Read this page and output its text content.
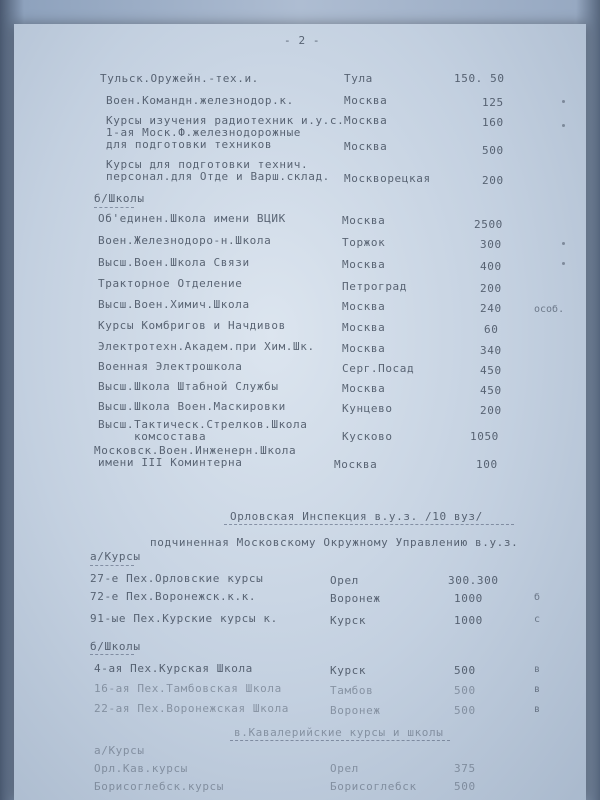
- 2 -
Тульск.Оружейн.-тех.и.	Тула	150. 50
Воен.Командн.железнодор.к.	Москва	125
Курсы изучения радиотехник и.у.с. Москва	160
1-ая Моск.Ф.железнодорожные
для подготовки техников	Москва	500
Курсы для подготовки технич.
персонал.для Отде и Варш.склад. Москворецкая	200
б/Школы
Об'единен.Школа имени ВЦИК	Москва	2500
Воен.Железнодоро-н.Школа	Торжок	300
Высш.Воен.Школа Связи	Москва	400
Тракторное Отделение	Петроград	200
Высш.Воен.Химич.Школа	Москва	240	особ.
Курсы Комбригов и Начдивов	Москва	60
Электротехн.Академ.при Хим.Шк. Москва	340
Военная Электрошкола	Серг.Посад	450
Высш.Школа Штабной Службы	Москва	450
Высш.Школа Воен.Маскировки	Кунцево	200
Высш.Тактическ.Стрелков.Школа
комсостава	Кусково	1050
Московск.Воен.Инженерн.Школа
имени III Коминтерна	Москва	100
Орловская Инспекция в.у.з. /10 вуз/
подчиненная Московскому Окружному Управлению в.у.з.
а/Курсы
27-е Пех.Орловские курсы	Орел	300.300
72-е Пех.Воронежск.к.к.	Воронеж	1000	б
91-ые Пех.Курские курсы к.	Курск	1000	с
б/Школы
4-ая Пех.Курская Школа	Курск	500	в
16-ая Пех.Тамбовская Школа	Тамбов	500	в
22-ая Пех.Воронежская Школа	Воронеж	500	в
в.Кавалерийские курсы и школы
а/Курсы
Орл.Кав.курсы	Орел	375
Борисоглебск.курсы	Борисоглебск	500
